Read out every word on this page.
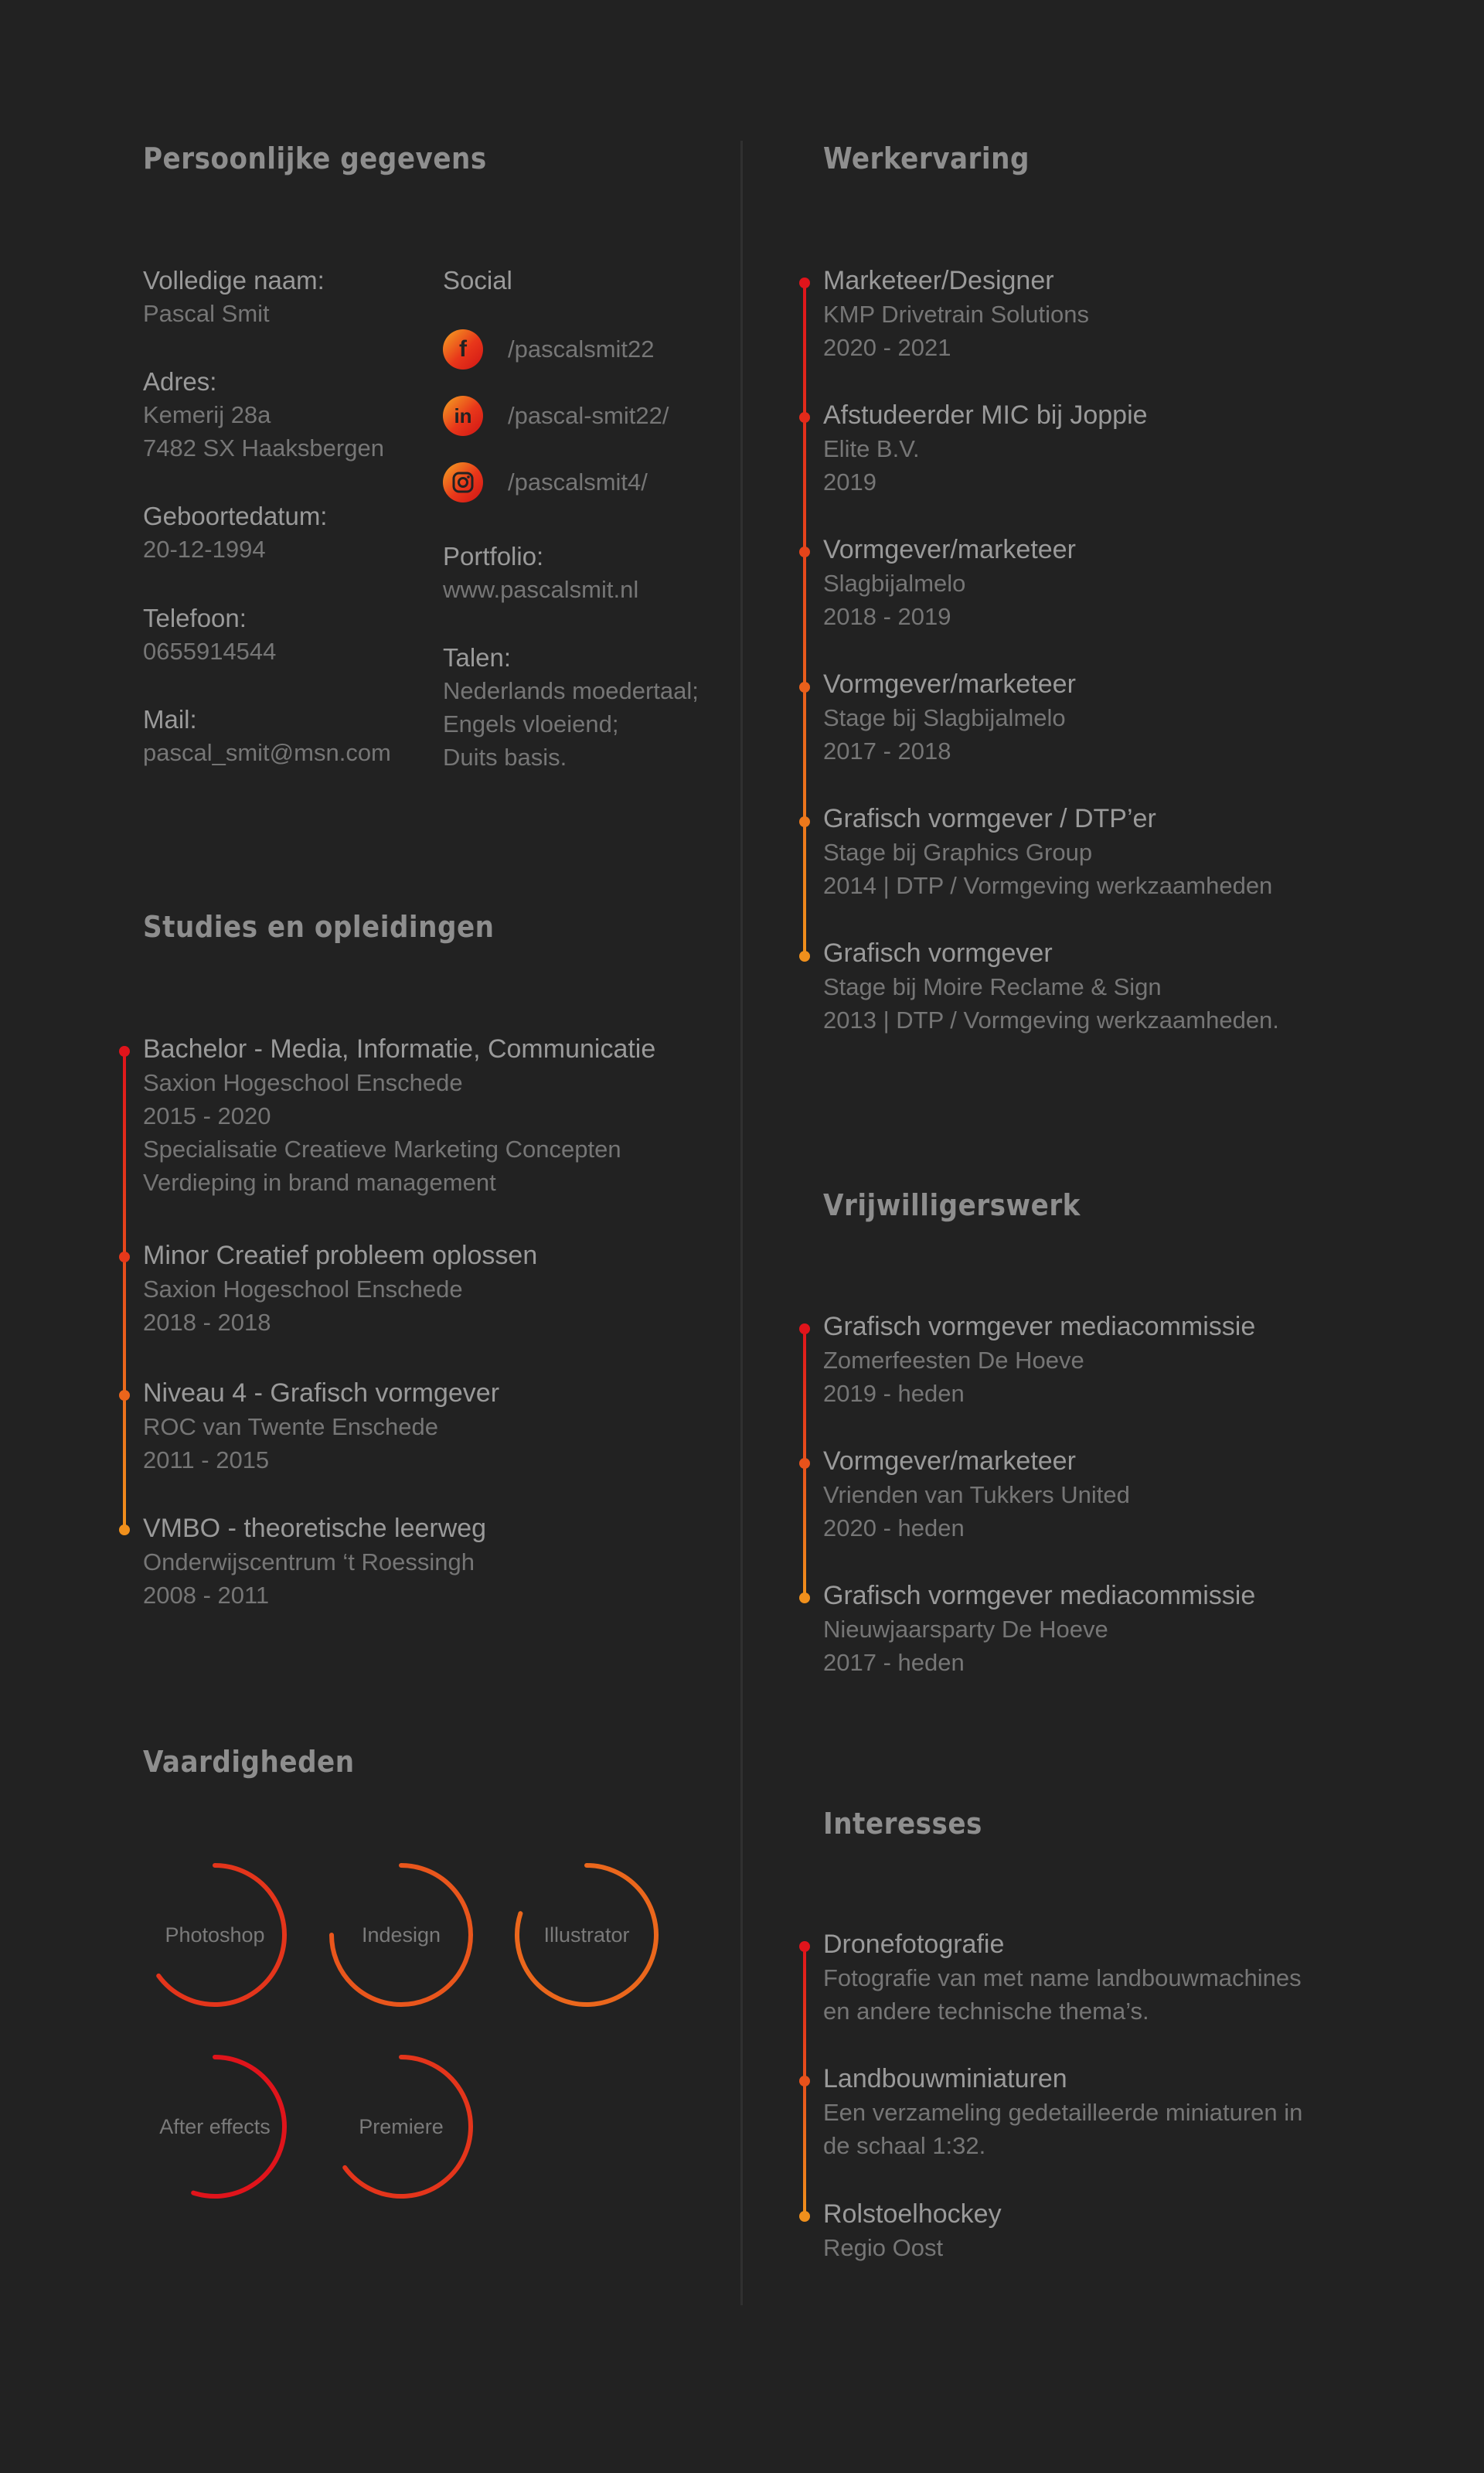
Persoonlijke gegevens
Volledige naam:
Pascal Smit
Adres:
Kemerij 28a
7482 SX Haaksbergen
Geboortedatum:
20-12-1994
Telefoon:
0655914544
Mail:
pascal_smit@msn.com
Social
f	/pascalsmit22
in	/pascal-smit22/
/pascalsmit4/
Portfolio:
www.pascalsmit.nl
Talen:
Nederlands moedertaal;
Engels vloeiend;
Duits basis.
Studies en opleidingen
Bachelor - Media, Informatie, Communicatie
Saxion Hogeschool Enschede
2015 - 2020
Specialisatie Creatieve Marketing Concepten
Verdieping in brand management
Minor Creatief probleem oplossen
Saxion Hogeschool Enschede
2018 - 2018
Niveau 4 - Grafisch vormgever
ROC van Twente Enschede
2011 - 2015
VMBO - theoretische leerweg
Onderwijscentrum ‘t Roessingh
2008 - 2011
Vaardigheden
Photoshop	Indesign	Illustrator
After effects	Premiere
Werkervaring
Marketeer/Designer
KMP Drivetrain Solutions
2020 - 2021
Afstudeerder MIC bij Joppie
Elite B.V.
2019
Vormgever/marketeer
Slagbijalmelo
2018 - 2019
Vormgever/marketeer
Stage bij Slagbijalmelo
2017 - 2018
Grafisch vormgever / DTP’er
Stage bij Graphics Group
2014 | DTP / Vormgeving werkzaamheden
Grafisch vormgever
Stage bij Moire Reclame & Sign
2013 | DTP / Vormgeving werkzaamheden.
Vrijwilligerswerk
Grafisch vormgever mediacommissie
Zomerfeesten De Hoeve
2019 - heden
Vormgever/marketeer
Vrienden van Tukkers United
2020 - heden
Grafisch vormgever mediacommissie
Nieuwjaarsparty De Hoeve
2017 - heden
Interesses
Dronefotografie
Fotografie van met name landbouwmachines
en andere technische thema’s.
Landbouwminiaturen
Een verzameling gedetailleerde miniaturen in
de schaal 1:32.
Rolstoelhockey
Regio Oost
